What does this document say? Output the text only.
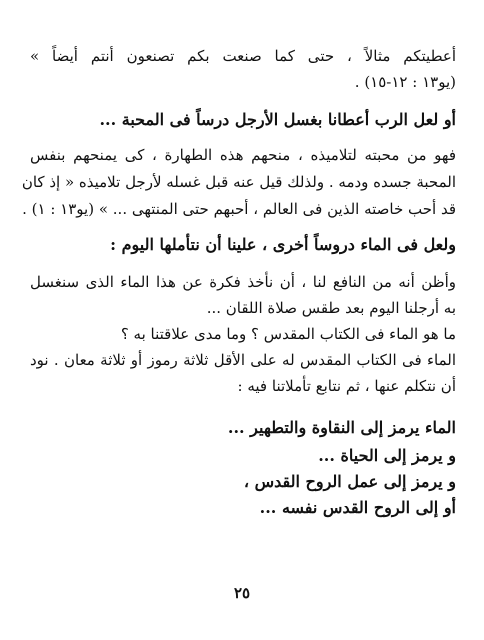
أعطيتكم مثالاً ، حتى كما صنعت بكم تصنعون أنتم أيضاً »
(يو١٣ : ١٢-١٥) .
أو لعل الرب أعطانا بغسل الأرجل درساً فى المحبة ...
فهو من محبته لتلاميذه ، منحهم هذه الطهارة ، كى يمنحهم بنفس
المحبة جسده ودمه . ولذلك قيل عنه قبل غسله لأرجل تلاميذه « إذ كان
قد أحب خاصته الذين فى العالم ، أحبهم حتى المنتهى ... » (يو١٣ : ١) .
ولعل فى الماء دروساً أخرى ، علينا أن نتأملها اليوم :
وأظن أنه من النافع لنا ، أن نأخذ فكرة عن هذا الماء الذى سنغسل
به أرجلنا اليوم بعد طقس صلاة اللقان ...
ما هو الماء فى الكتاب المقدس ؟ وما مدى علاقتنا به ؟
الماء فى الكتاب المقدس له على الأقل ثلاثة رموز أو ثلاثة معان . نود
أن نتكلم عنها ، ثم نتابع تأملاتنا فيه :
الماء يرمز إلى النقاوة والتطهير ...
و يرمز إلى الحياة ...
و يرمز إلى عمل الروح القدس ،
أو إلى الروح القدس نفسه ...
٢٥
